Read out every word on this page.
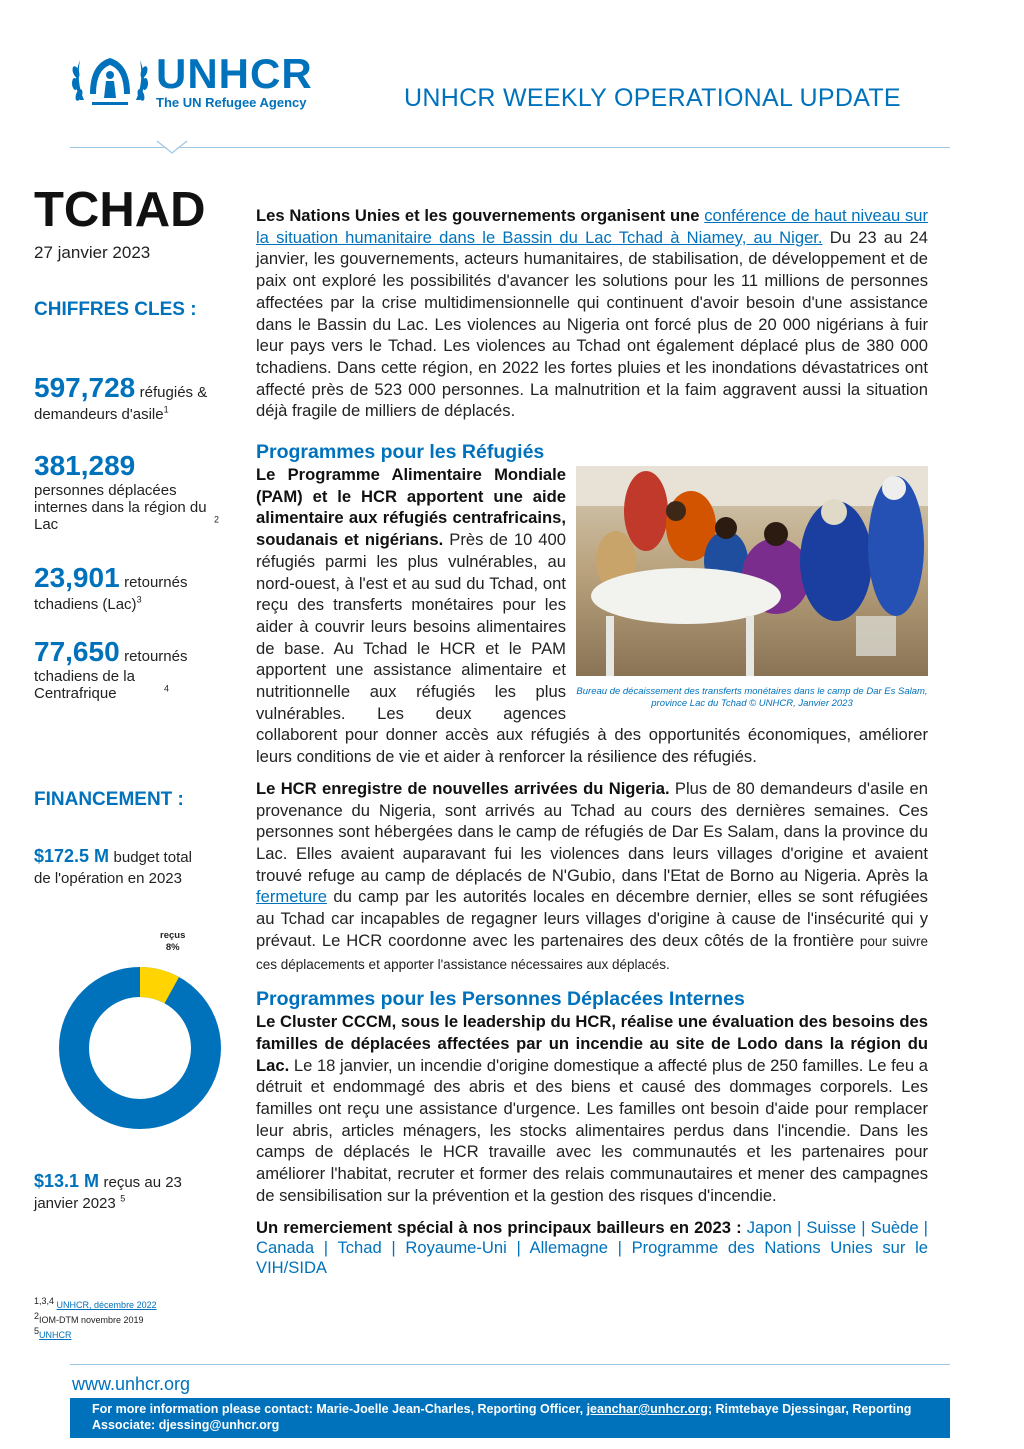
UNHCR
The UN Refugee Agency	UNHCR WEEKLY OPERATIONAL UPDATE
TCHAD
27 janvier 2023
CHIFFRES CLES :
597,728 réfugiés &
demandeurs d'asile$^1$
381,289
personnes déplacées internes dans la région du Lac	$^2$
23,901 retournés
tchadiens (Lac)$^3$
77,650 retournés
tchadiens de la Centrafrique	$^4$
FINANCEMENT :
$172.5 M budget total
de l'opération en 2023
reçus
8%
$13.1 M reçus au 23
janvier 2023 $^5$

Les Nations Unies et les gouvernements organisent une conférence de haut niveau sur la situation humanitaire dans le Bassin du Lac Tchad à Niamey, au Niger. Du 23 au 24 janvier, les gouvernements, acteurs humanitaires, de stabilisation, de développement et de paix ont exploré les possibilités d'avancer les solutions pour les 11 millions de personnes affectées par la crise multidimensionnelle qui continuent d'avoir besoin d'une assistance dans le Bassin du Lac. Les violences au Nigeria ont forcé plus de 20 000 nigérians à fuir leur pays vers le Tchad. Les violences au Tchad ont également déplacé plus de 380 000 tchadiens. Dans cette région, en 2022 les fortes pluies et les inondations dévastatrices ont affecté près de 523 000 personnes. La malnutrition et la faim aggravent aussi la situation déjà fragile de milliers de déplacés.

Programmes pour les Réfugiés
Bureau de décaissement des transferts monétaires dans le camp de Dar Es Salam, province Lac du Tchad © UNHCR, Janvier 2023

Le Programme Alimentaire Mondiale (PAM) et le HCR apportent une aide alimentaire aux réfugiés centrafricains, soudanais et nigérians. Près de 10 400 réfugiés parmi les plus vulnérables, au nord-ouest, à l'est et au sud du Tchad, ont reçu des transferts monétaires pour les aider à couvrir leurs besoins alimentaires de base. Au Tchad le HCR et le PAM apportent une assistance alimentaire et nutritionnelle aux réfugiés les plus vulnérables. Les deux agences collaborent pour donner accès aux réfugiés à des opportunités économiques, améliorer leurs conditions de vie et aider à renforcer la résilience des réfugiés.

Le HCR enregistre de nouvelles arrivées du Nigeria. Plus de 80 demandeurs d'asile en provenance du Nigeria, sont arrivés au Tchad au cours des dernières semaines. Ces personnes sont hébergées dans le camp de réfugiés de Dar Es Salam, dans la province du Lac. Elles avaient auparavant fui les violences dans leurs villages d'origine et avaient trouvé refuge au camp de déplacés de N'Gubio, dans l'Etat de Borno au Nigeria. Après la fermeture du camp par les autorités locales en décembre dernier, elles se sont réfugiées au Tchad car incapables de regagner leurs villages d'origine à cause de l'insécurité qui y prévaut. Le HCR coordonne avec les partenaires des deux côtés de la frontière pour suivre ces déplacements et apporter l'assistance nécessaires aux déplacés.

Programmes pour les Personnes Déplacées Internes

Le Cluster CCCM, sous le leadership du HCR, réalise une évaluation des besoins des familles de déplacées affectées par un incendie au site de Lodo dans la région du Lac. Le 18 janvier, un incendie d'origine domestique a affecté plus de 250 familles. Le feu a détruit et endommagé des abris et des biens et causé des dommages corporels. Les familles ont reçu une assistance d'urgence. Les familles ont besoin d'aide pour remplacer leur abris, articles ménagers, les stocks alimentaires perdus dans l'incendie. Dans les camps de déplacés le HCR travaille avec les communautés et les partenaires pour améliorer l'habitat, recruter et former des relais communautaires et mener des campagnes de sensibilisation sur la prévention et la gestion des risques d'incendie.

Un remerciement spécial à nos principaux bailleurs en 2023 : Japon | Suisse | Suède | Canada | Tchad | Royaume-Uni | Allemagne | Programme des Nations Unies sur le VIH/SIDA

1,3,4 UNHCR, décembre 2022
2IOM-DTM novembre 2019
5UNHCR
www.unhcr.org
For more information please contact: Marie-Joelle Jean-Charles, Reporting Officer, jeanchar@unhcr.org; Rimtebaye Djessingar, Reporting Associate: djessing@unhcr.org
